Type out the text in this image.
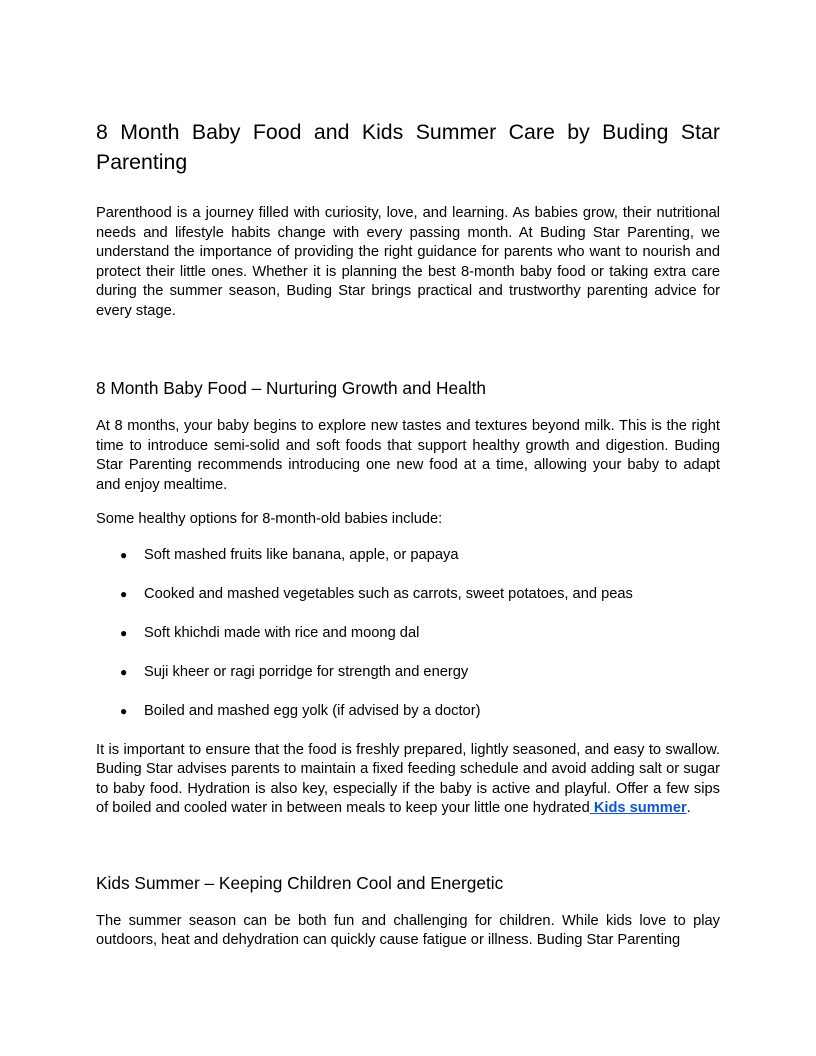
8 Month Baby Food and Kids Summer Care by Buding Star Parenting

Parenthood is a journey filled with curiosity, love, and learning. As babies grow, their nutritional needs and lifestyle habits change with every passing month. At Buding Star Parenting, we understand the importance of providing the right guidance for parents who want to nourish and protect their little ones. Whether it is planning the best 8-month baby food or taking extra care during the summer season, Buding Star brings practical and trustworthy parenting advice for every stage.

8 Month Baby Food – Nurturing Growth and Health

At 8 months, your baby begins to explore new tastes and textures beyond milk. This is the right time to introduce semi-solid and soft foods that support healthy growth and digestion. Buding Star Parenting recommends introducing one new food at a time, allowing your baby to adapt and enjoy mealtime.

Some healthy options for 8-month-old babies include:

● Soft mashed fruits like banana, apple, or papaya
● Cooked and mashed vegetables such as carrots, sweet potatoes, and peas
● Soft khichdi made with rice and moong dal
● Suji kheer or ragi porridge for strength and energy
● Boiled and mashed egg yolk (if advised by a doctor)

It is important to ensure that the food is freshly prepared, lightly seasoned, and easy to swallow. Buding Star advises parents to maintain a fixed feeding schedule and avoid adding salt or sugar to baby food. Hydration is also key, especially if the baby is active and playful. Offer a few sips of boiled and cooled water in between meals to keep your little one hydrated Kids summer.

Kids Summer – Keeping Children Cool and Energetic

The summer season can be both fun and challenging for children. While kids love to play outdoors, heat and dehydration can quickly cause fatigue or illness. Buding Star Parenting
